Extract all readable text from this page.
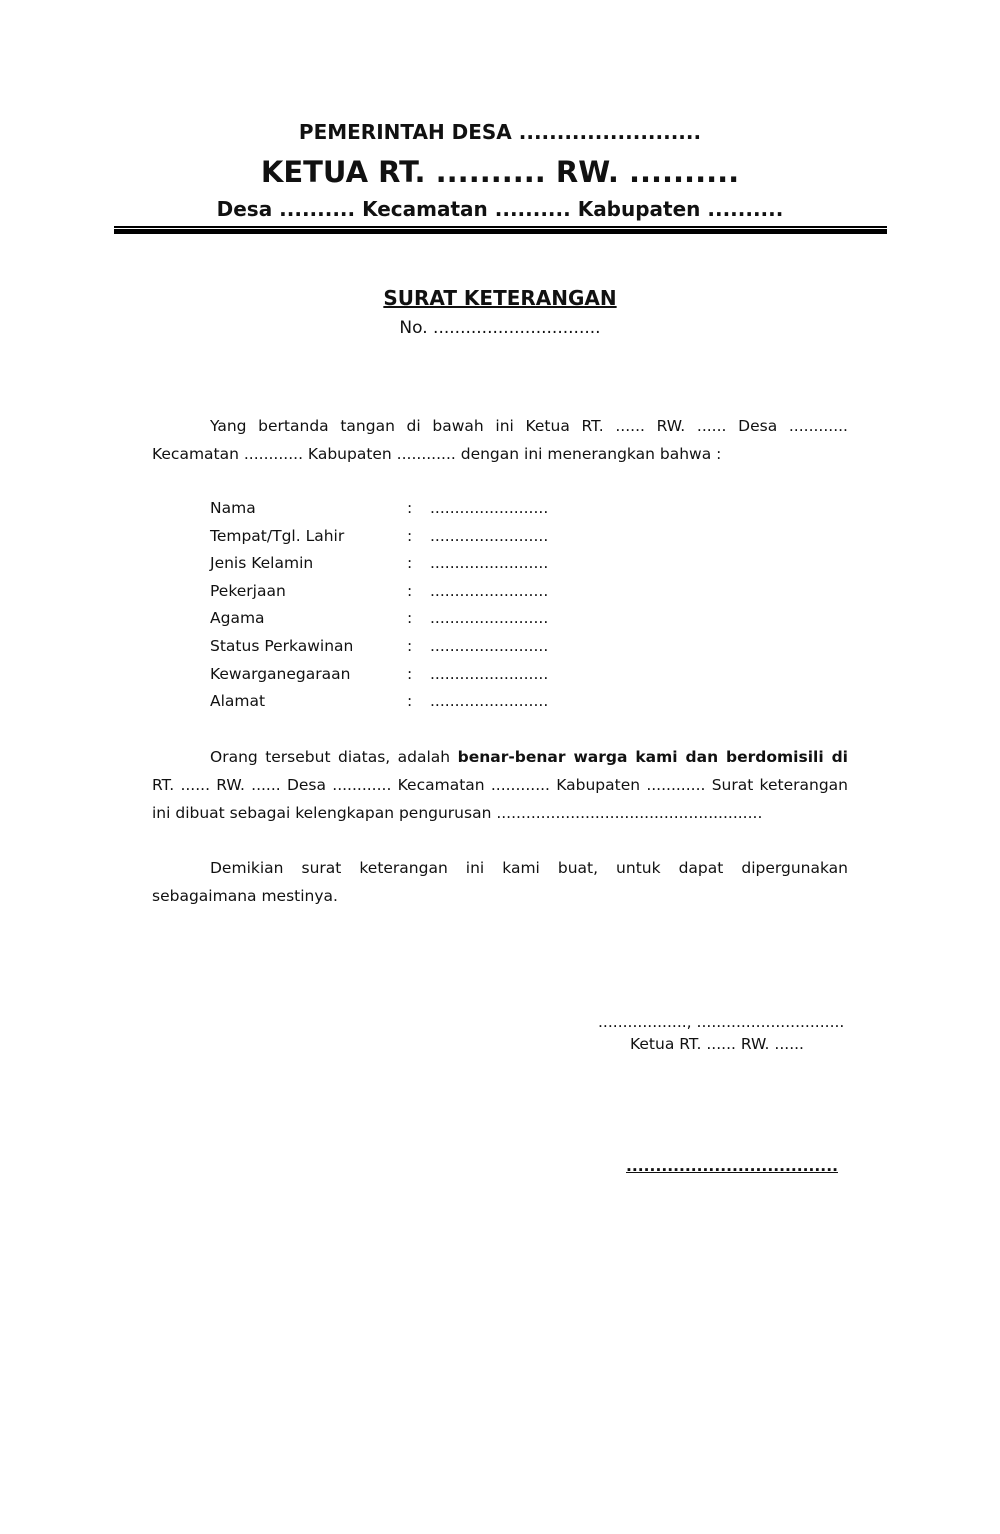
PEMERINTAH DESA ........................
KETUA RT. .......... RW. ..........
Desa .......... Kecamatan .......... Kabupaten ..........
SURAT KETERANGAN
No. ...............................

Yang bertanda tangan di bawah ini Ketua RT. ...... RW. ...... Desa ............ Kecamatan ............ Kabupaten ............ dengan ini menerangkan bahwa :

Nama	: ........................
Tempat/Tgl. Lahir	: ........................
Jenis Kelamin	: ........................
Pekerjaan	: ........................
Agama	: ........................
Status Perkawinan	: ........................
Kewarganegaraan	: ........................
Alamat	: ........................

Orang tersebut diatas, adalah benar-benar warga kami dan berdomisili di RT. ...... RW. ...... Desa ............ Kecamatan ............ Kabupaten ............ Surat keterangan ini dibuat sebagai kelengkapan pengurusan ......................................................

Demikian surat keterangan ini kami buat, untuk dapat dipergunakan sebagaimana mestinya.

.................., ..............................
Ketua RT. ...... RW. ......
....................................
